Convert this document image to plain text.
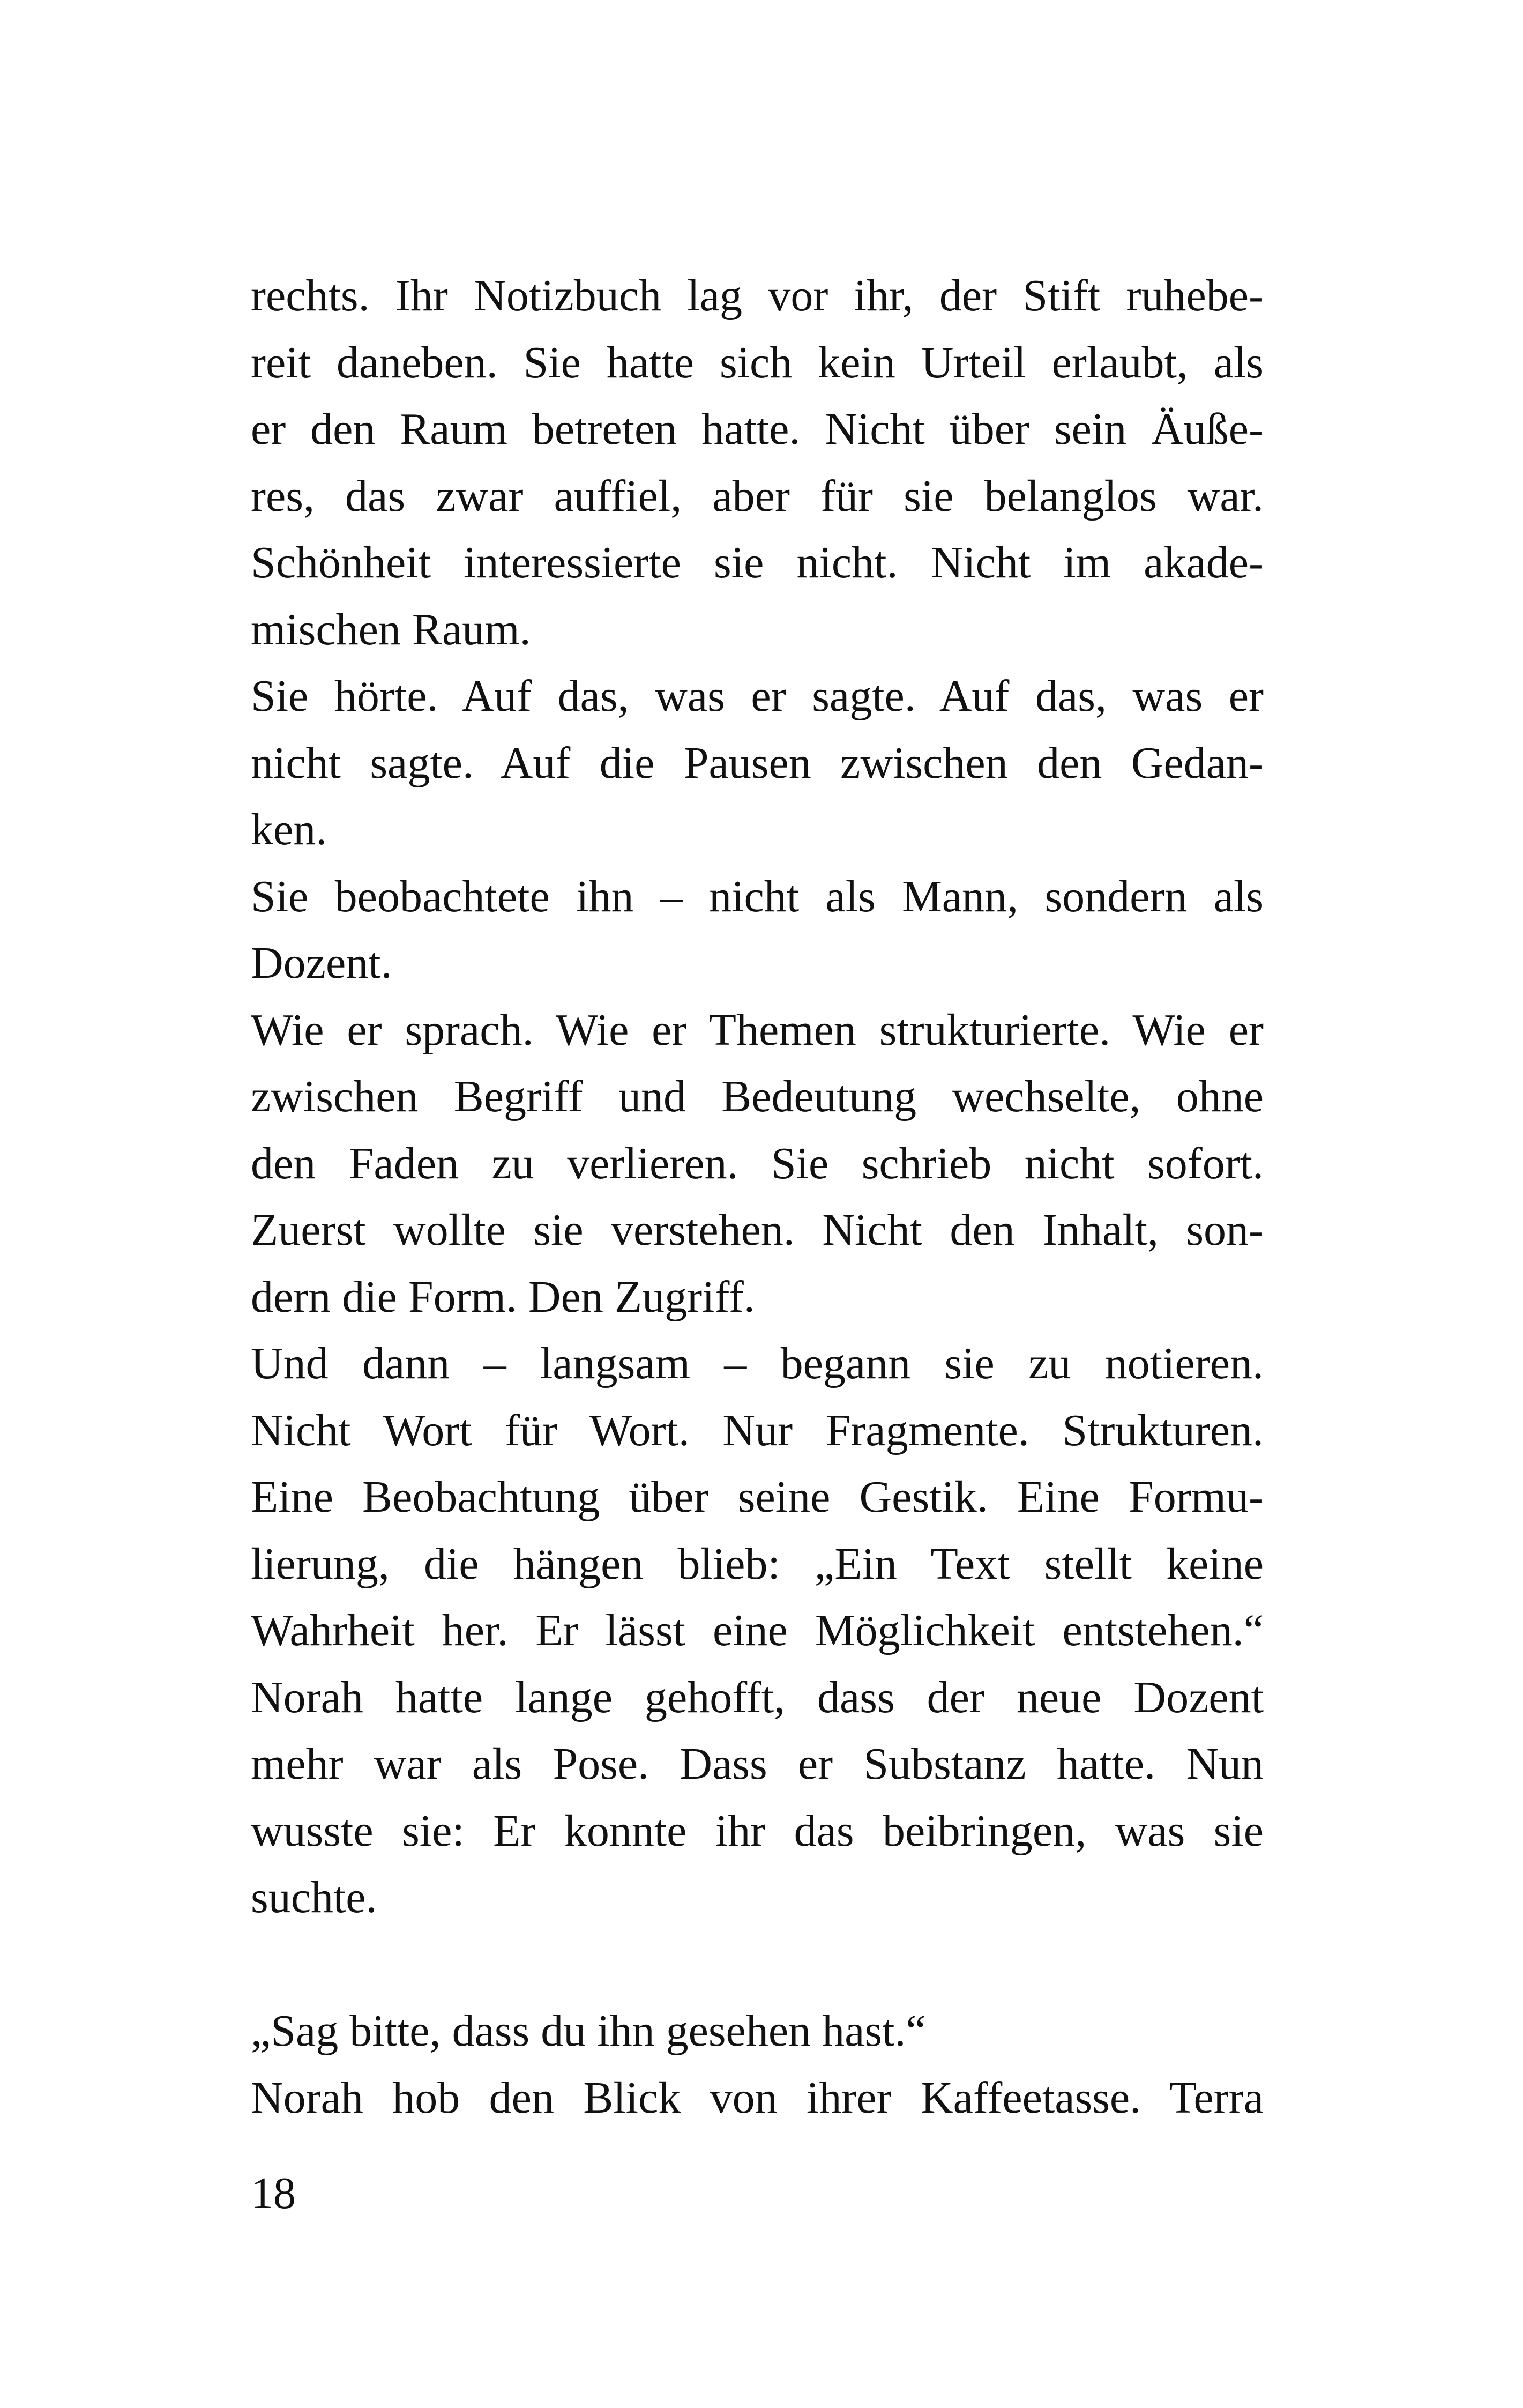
rechts. Ihr Notizbuch lag vor ihr, der Stift ruhebe-
reit daneben. Sie hatte sich kein Urteil erlaubt, als
er den Raum betreten hatte. Nicht über sein Äuße-
res, das zwar auffiel, aber für sie belanglos war.
Schönheit interessierte sie nicht. Nicht im akade-
mischen Raum.
Sie hörte. Auf das, was er sagte. Auf das, was er
nicht sagte. Auf die Pausen zwischen den Gedan-
ken.
Sie beobachtete ihn – nicht als Mann, sondern als
Dozent.
Wie er sprach. Wie er Themen strukturierte. Wie er
zwischen Begriff und Bedeutung wechselte, ohne
den Faden zu verlieren. Sie schrieb nicht sofort.
Zuerst wollte sie verstehen. Nicht den Inhalt, son-
dern die Form. Den Zugriff.
Und dann – langsam – begann sie zu notieren.
Nicht Wort für Wort. Nur Fragmente. Strukturen.
Eine Beobachtung über seine Gestik. Eine Formu-
lierung, die hängen blieb: „Ein Text stellt keine
Wahrheit her. Er lässt eine Möglichkeit entstehen.“
Norah hatte lange gehofft, dass der neue Dozent
mehr war als Pose. Dass er Substanz hatte. Nun
wusste sie: Er konnte ihr das beibringen, was sie
suchte.
„Sag bitte, dass du ihn gesehen hast.“
Norah hob den Blick von ihrer Kaffeetasse. Terra
18
